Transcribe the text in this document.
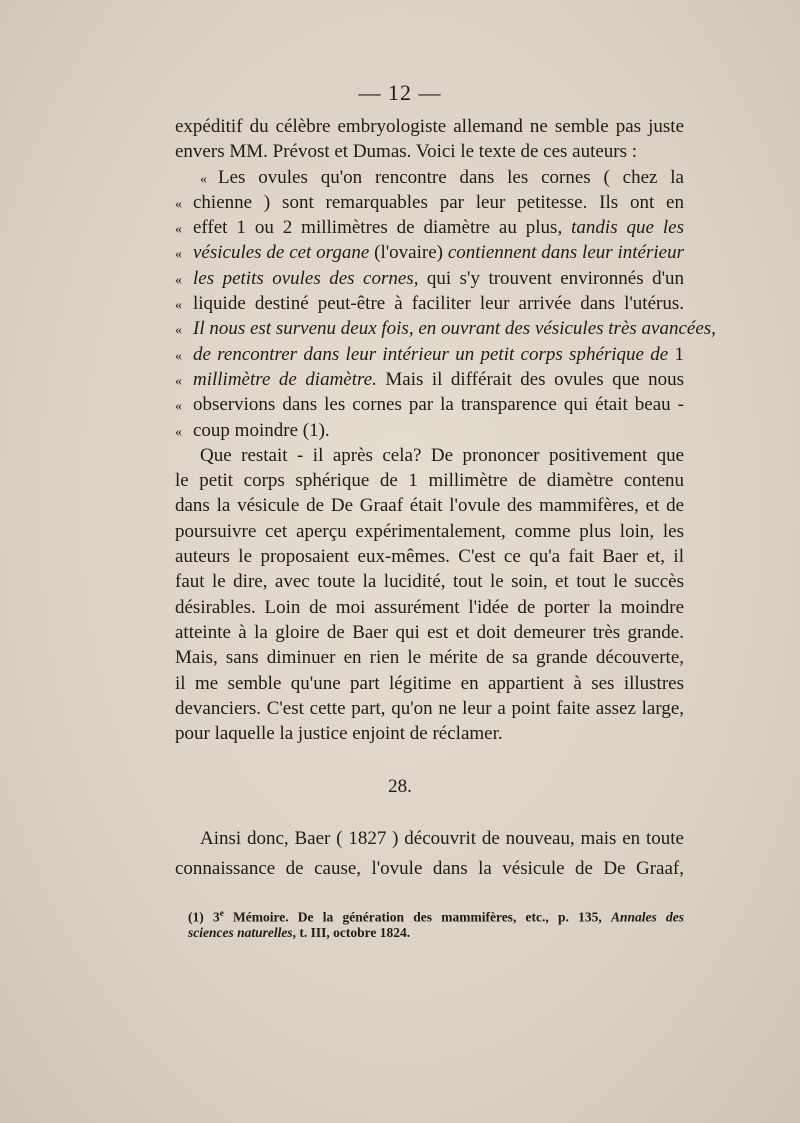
— 12 —
expéditif du célèbre embryologiste allemand ne semble pas juste
envers MM. Prévost et Dumas. Voici le texte de ces auteurs :
« Les ovules qu'on rencontre dans les cornes ( chez la
« chienne ) sont remarquables par leur petitesse. Ils ont en
« effet 1 ou 2 millimètres de diamètre au plus, tandis que les
« vésicules de cet organe (l'ovaire) contiennent dans leur intérieur
« les petits ovules des cornes, qui s'y trouvent environnés d'un
« liquide destiné peut-être à faciliter leur arrivée dans l'utérus.
« Il nous est survenu deux fois, en ouvrant des vésicules très avancées,
« de rencontrer dans leur intérieur un petit corps sphérique de 1
« millimètre de diamètre. Mais il différait des ovules que nous
« observions dans les cornes par la transparence qui était beau -
« coup moindre (1).
Que restait - il après cela? De prononcer positivement que
le petit corps sphérique de 1 millimètre de diamètre contenu
dans la vésicule de De Graaf était l'ovule des mammifères, et de
poursuivre cet aperçu expérimentalement, comme plus loin, les
auteurs le proposaient eux-mêmes. C'est ce qu'a fait Baer et, il
faut le dire, avec toute la lucidité, tout le soin, et tout le succès
désirables. Loin de moi assurément l'idée de porter la moindre
atteinte à la gloire de Baer qui est et doit demeurer très grande.
Mais, sans diminuer en rien le mérite de sa grande découverte,
il me semble qu'une part légitime en appartient à ses illustres
devanciers. C'est cette part, qu'on ne leur a point faite assez large,
pour laquelle la justice enjoint de réclamer.
28.
Ainsi donc, Baer ( 1827 ) découvrit de nouveau, mais en toute
connaissance de cause, l'ovule dans la vésicule de De Graaf,
(1) 3e Mémoire. De la génération des mammifères, etc., p. 135, Annales des
sciences naturelles, t. III, octobre 1824.
